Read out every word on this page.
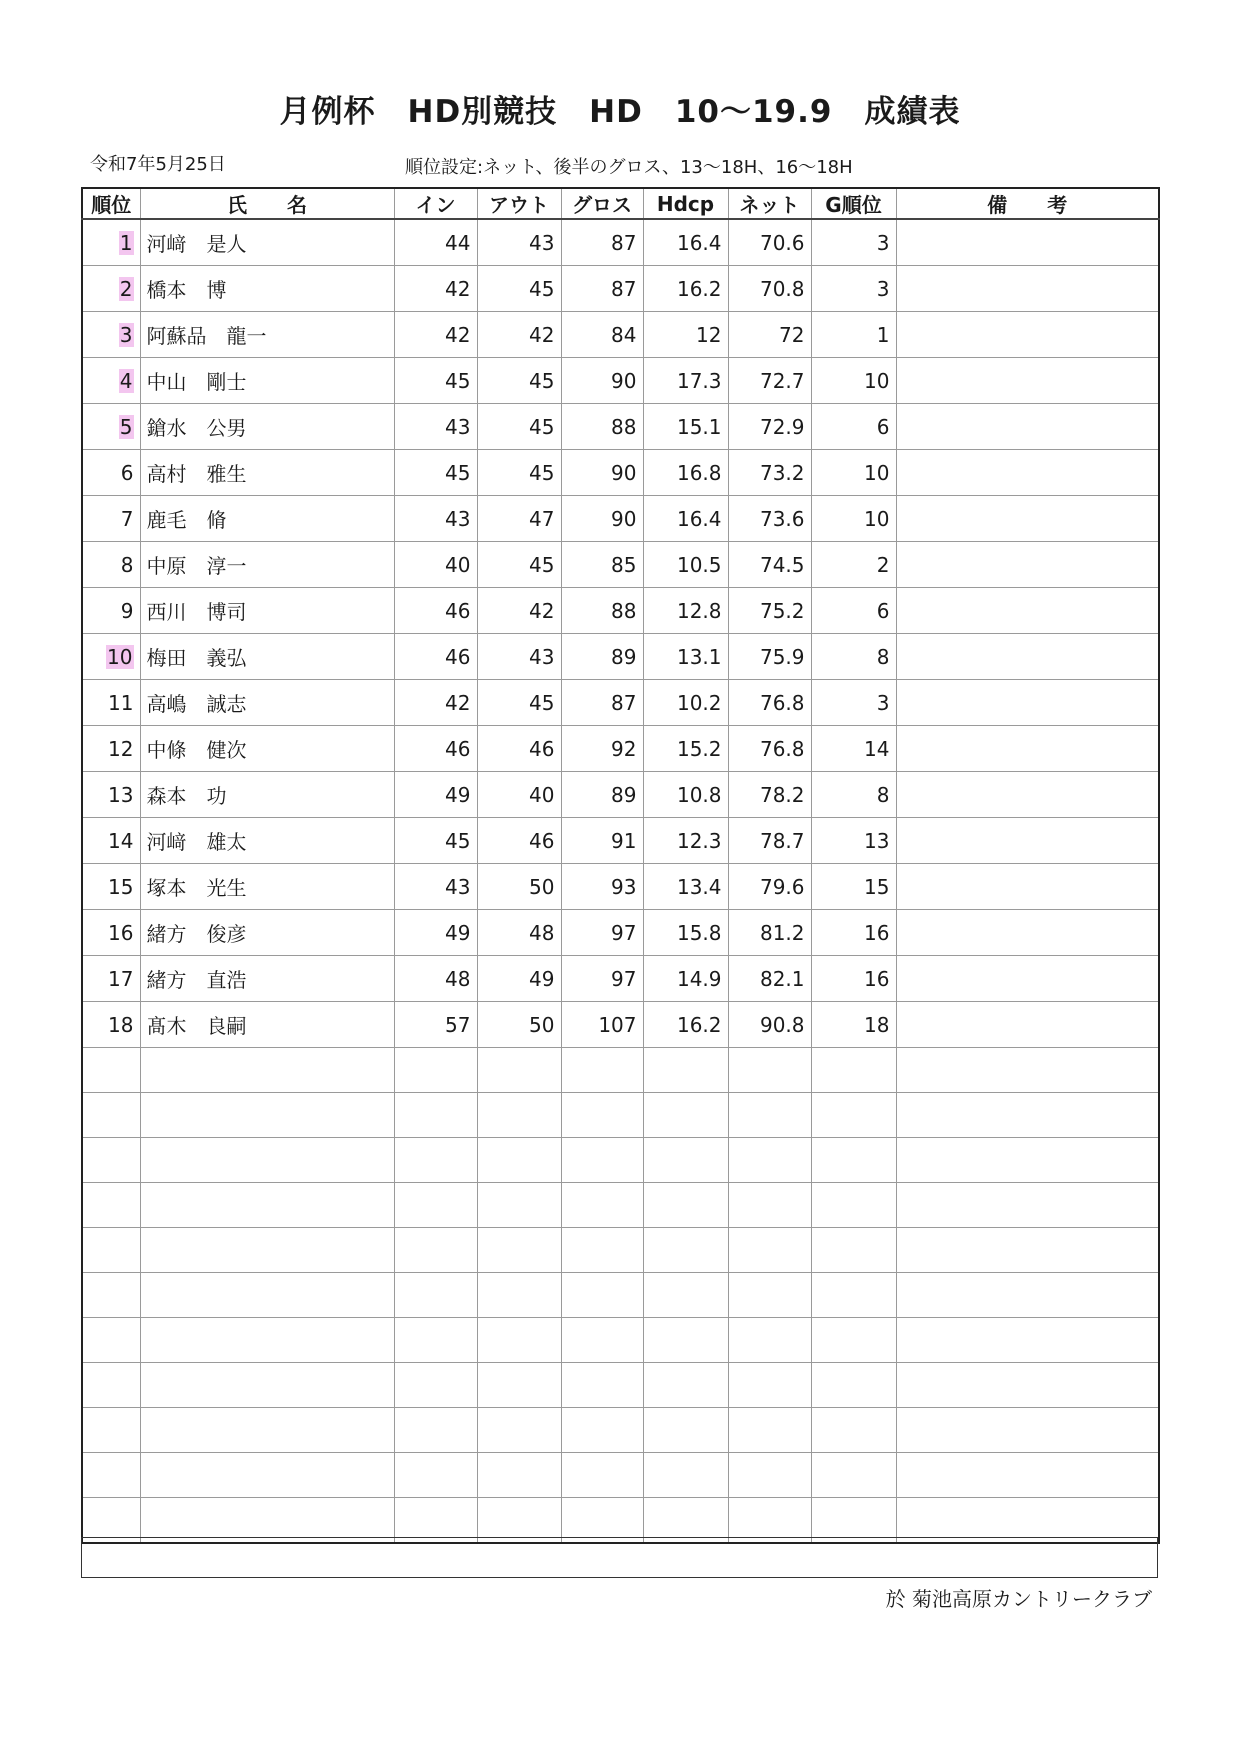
月例杯　HD別競技　HD　10～19.9　成績表
令和7年5月25日	順位設定:ネット、後半のグロス、13～18H、16～18H
順位	氏　　名	イン	アウト	グロス	Hdcp	ネット	G順位	備　　考
1	河﨑　是人	44	43	87	16.4	70.6	3	
2	橋本　博	42	45	87	16.2	70.8	3	
3	阿蘇品　龍一	42	42	84	12	72	1	
4	中山　剛士	45	45	90	17.3	72.7	10	
5	鎗水　公男	43	45	88	15.1	72.9	6	
6	高村　雅生	45	45	90	16.8	73.2	10	
7	鹿毛　脩	43	47	90	16.4	73.6	10	
8	中原　淳一	40	45	85	10.5	74.5	2	
9	西川　博司	46	42	88	12.8	75.2	6	
10	梅田　義弘	46	43	89	13.1	75.9	8	
11	高嶋　誠志	42	45	87	10.2	76.8	3	
12	中條　健次	46	46	92	15.2	76.8	14	
13	森本　功	49	40	89	10.8	78.2	8	
14	河﨑　雄太	45	46	91	12.3	78.7	13	
15	塚本　光生	43	50	93	13.4	79.6	15	
16	緒方　俊彦	49	48	97	15.8	81.2	16	
17	緒方　直浩	48	49	97	14.9	82.1	16	
18	髙木　良嗣	57	50	107	16.2	90.8	18	

於 菊池高原カントリークラブ
